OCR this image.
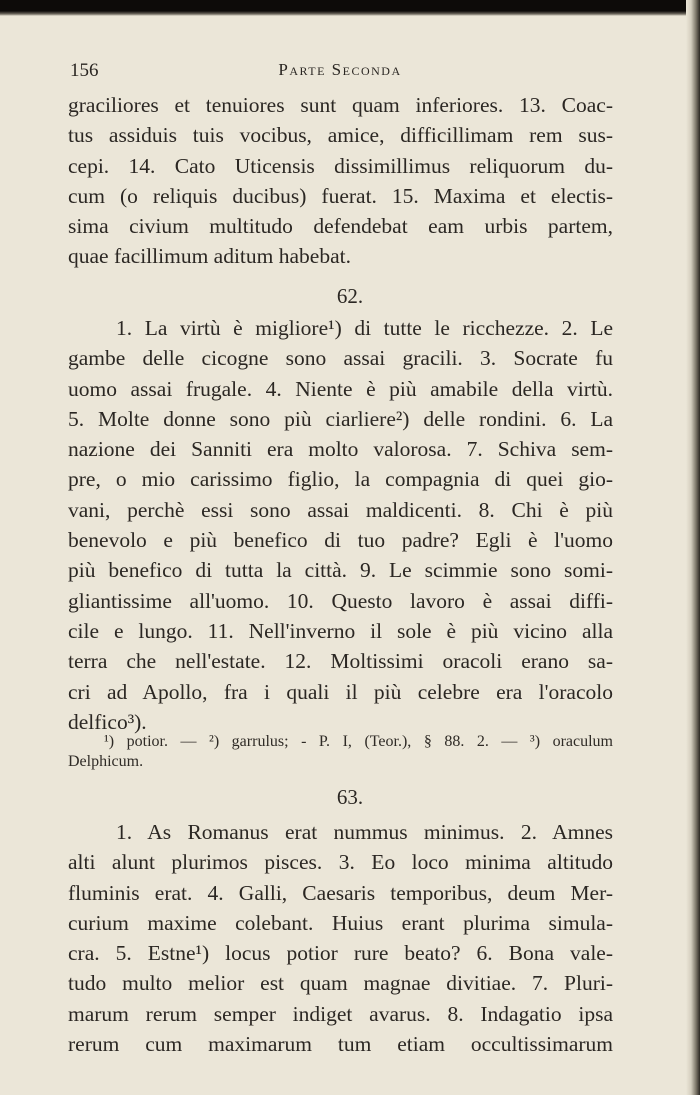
156	Parte Seconda
graciliores et tenuiores sunt quam inferiores. 13. Coac-
tus assiduis tuis vocibus, amice, difficillimam rem sus-
cepi. 14. Cato Uticensis dissimillimus reliquorum du-
cum (o reliquis ducibus) fuerat. 15. Maxima et electis-
sima civium multitudo defendebat eam urbis partem,
quae facillimum aditum habebat.
62.
1. La virtù è migliore¹) di tutte le ricchezze. 2. Le
gambe delle cicogne sono assai gracili. 3. Socrate fu
uomo assai frugale. 4. Niente è più amabile della virtù.
5. Molte donne sono più ciarliere²) delle rondini. 6. La
nazione dei Sanniti era molto valorosa. 7. Schiva sem-
pre, o mio carissimo figlio, la compagnia di quei gio-
vani, perchè essi sono assai maldicenti. 8. Chi è più
benevolo e più benefico di tuo padre? Egli è l'uomo
più benefico di tutta la città. 9. Le scimmie sono somi-
gliantissime all'uomo. 10. Questo lavoro è assai diffi-
cile e lungo. 11. Nell'inverno il sole è più vicino alla
terra che nell'estate. 12. Moltissimi oracoli erano sa-
cri ad Apollo, fra i quali il più celebre era l'oracolo
delfico³).
¹) potior. — ²) garrulus; - P. I, (Teor.), § 88. 2. — ³) oraculum
Delphicum.
63.
1. As Romanus erat nummus minimus. 2. Amnes
alti alunt plurimos pisces. 3. Eo loco minima altitudo
fluminis erat. 4. Galli, Caesaris temporibus, deum Mer-
curium maxime colebant. Huius erant plurima simula-
cra. 5. Estne¹) locus potior rure beato? 6. Bona vale-
tudo multo melior est quam magnae divitiae. 7. Pluri-
marum rerum semper indiget avarus. 8. Indagatio ipsa
rerum cum maximarum tum etiam occultissimarum
